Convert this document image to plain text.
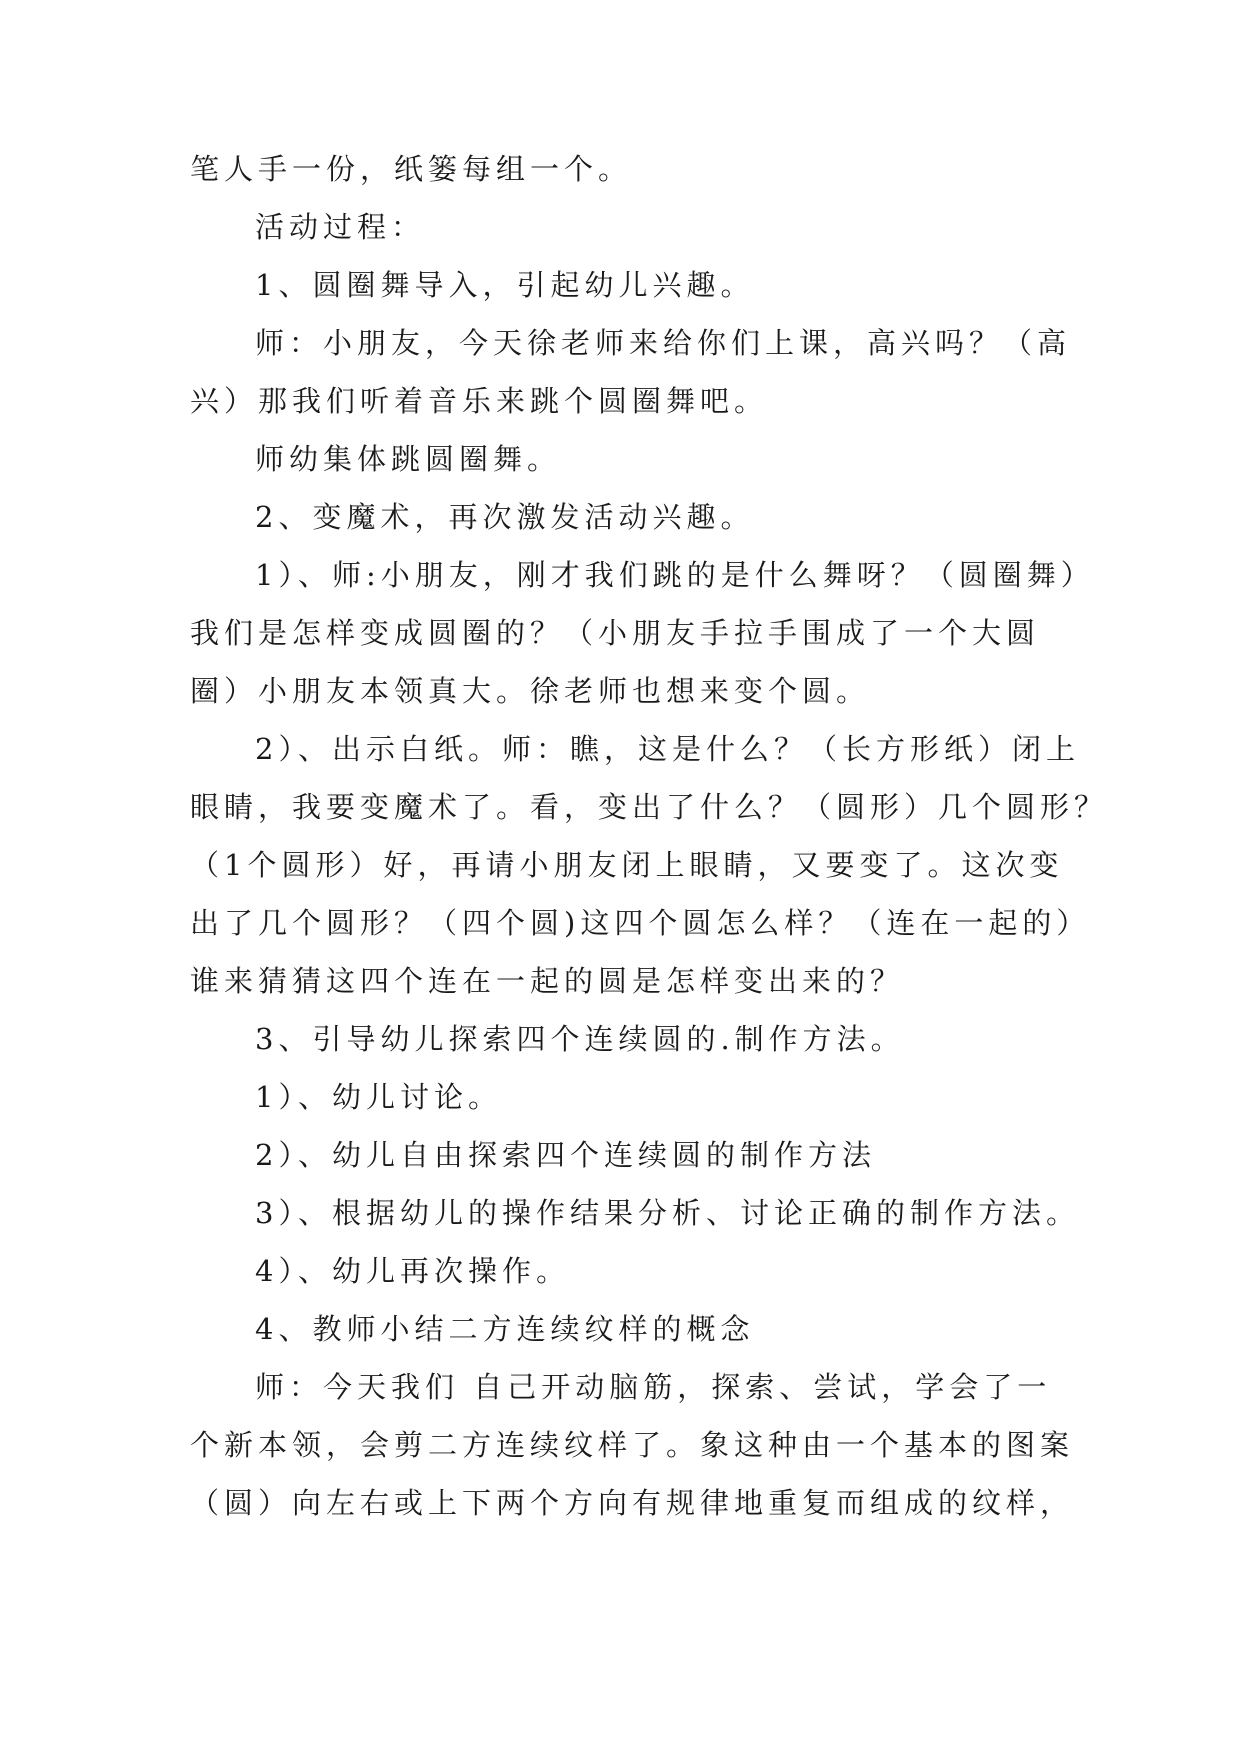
笔人手一份，纸篓每组一个。

活动过程：

1、圆圈舞导入，引起幼儿兴趣。

师：小朋友，今天徐老师来给你们上课，高兴吗？（高

兴）那我们听着音乐来跳个圆圈舞吧。

师幼集体跳圆圈舞。

2、变魔术，再次激发活动兴趣。

1）、师:小朋友，刚才我们跳的是什么舞呀？（圆圈舞）

我们是怎样变成圆圈的？（小朋友手拉手围成了一个大圆

圈）小朋友本领真大。徐老师也想来变个圆。

2）、出示白纸。师：瞧，这是什么？（长方形纸）闭上

眼睛，我要变魔术了。看，变出了什么？（圆形）几个圆形？

（1个圆形）好，再请小朋友闭上眼睛，又要变了。这次变

出了几个圆形？（四个圆)这四个圆怎么样？（连在一起的）

谁来猜猜这四个连在一起的圆是怎样变出来的？

3、引导幼儿探索四个连续圆的.制作方法。

1）、幼儿讨论。

2）、幼儿自由探索四个连续圆的制作方法

3）、根据幼儿的操作结果分析、讨论正确的制作方法。

4）、幼儿再次操作。

4、教师小结二方连续纹样的概念

师：今天我们 自己开动脑筋，探索、尝试，学会了一

个新本领，会剪二方连续纹样了。象这种由一个基本的图案

（圆）向左右或上下两个方向有规律地重复而组成的纹样，
